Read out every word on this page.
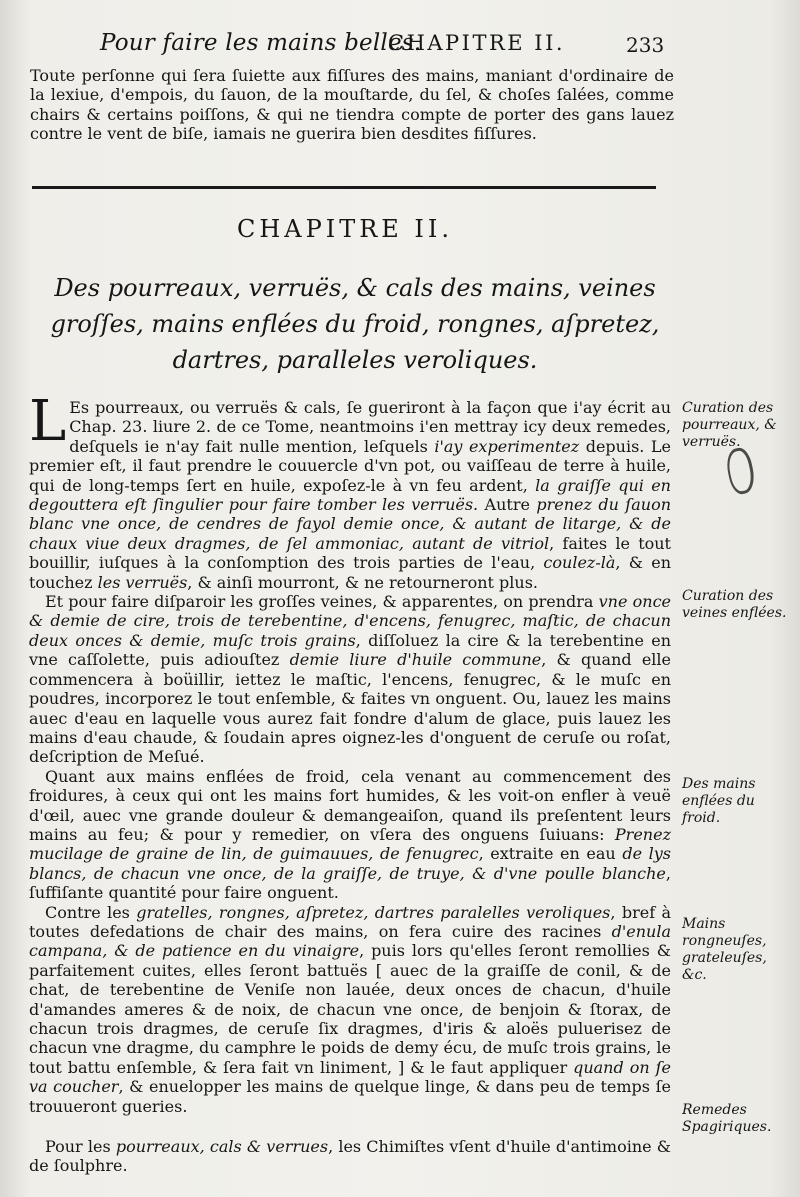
Pour faire les mains belles.
CHAPITRE II.	233

Toute perſonne qui ſera ſuiette aux fiſſures des mains, maniant d'ordinaire de la lexiue, d'empois, du ſauon, de la mouſtarde, du ſel, & choſes ſalées, comme chairs & certains poiſſons, & qui ne tiendra compte de porter des gans lauez contre le vent de biſe, iamais ne guerira bien desdites fiſſures.

CHAPITRE II.
Des pourreaux, verruës, & cals des mains, veines groſſes, mains enflées du froid, rongnes, aſpretez, dartres, paralleles verоliques.

L Es pourreaux, ou verruës & cals, ſe gueriront à la façon que i'ay écrit au Chap. 23. liure 2. de ce Tome, neantmoins i'en mettray icy deux remedes, deſquels ie n'ay fait nulle mention, leſquels i'ay experimentez depuis. Le premier eſt, il faut prendre le couuercle d'vn pot, ou vaiſſeau de terre à huile, qui de long-temps ſert en huile, expoſez-le à vn feu ardent, la graiſſe qui en degouttera eſt ſingulier pour faire tomber les verruës. Autre prenez du ſauon blanc vne once, de cendres de fayol demie once, & autant de litarge, & de chaux viue deux dragmes, de ſel ammoniac, autant de vitriol, faites le tout bouillir, iuſques à la conſomption des trois parties de l'eau, coulez-là, & en touchez les verruës, & ainſi mourront, & ne retourneront plus.

Et pour faire diſparoir les groſſes veines, & apparentes, on prendra vne once & demie de cire, trois de terebentine, d'encens, fenugrec, maſtic, de chacun deux onces & demie, muſc trois grains, diſſoluez la cire & la terebentine en vne caſſolette, puis adiouſtez demie liure d'huile commune, & quand elle commencera à boüillir, iettez le maſtic, l'encens, fenugrec, & le muſc en poudres, incorporez le tout enſemble, & faites vn onguent. Ou, lauez les mains auec d'eau en laquelle vous aurez fait fondre d'alum de glace, puis lauez les mains d'eau chaude, & ſoudain apres oignez-les d'onguent de ceruſe ou roſat, deſcription de Meſué.

Quant aux mains enflées de froid, cela venant au commencement des froidures, à ceux qui ont les mains fort humides, & les voit-on enfler à veuë d'œil, auec vne grande douleur & demangeaiſon, quand ils preſentent leurs mains au feu; & pour y remedier, on vſera des onguens ſuiuans: Prenez mucilage de graine de lin, de guimauues, de fenugrec, extraite en eau de lys blancs, de chacun vne once, de la graiſſe, de truye, & d'vne poulle blanche, ſuffiſante quantité pour faire onguent.

Contre les gratelles, rongnes, aſpretez, dartres paralelles verоliques, bref à toutes defedations de chair des mains, on fera cuire des racines d'enula campana, & de patience en du vinaigre, puis lors qu'elles ſeront remollies & parfaitement cuites, elles ſeront battuës [ auec de la graiſſe de conil, & de chat, de terebentine de Veniſe non lauée, deux onces de chacun, d'huile d'amandes ameres & de noix, de chacun vne once, de benjoin & ſtorax, de chacun trois dragmes, de ceruſe ſix dragmes, d'iris & aloës puluerisez de chacun vne dragme, du camphre le poids de demy écu, de muſc trois grains, le tout battu enſemble, & ſera fait vn liniment, ] & le faut appliquer quand on ſe va coucher, & enuelopper les mains de quelque linge, & dans peu de temps ſe trouueront gueries.

Pour les pourreaux, cals & verrues, les Chimiſtes vſent d'huile d'antimoine & de ſoulphre.

Curation des pourreaux, & verruës.
Curation des veines enflées.
Des mains enflées du froid.
Mains rongneuſes, grateleuſes, &c.
Remedes Spagiriques.
